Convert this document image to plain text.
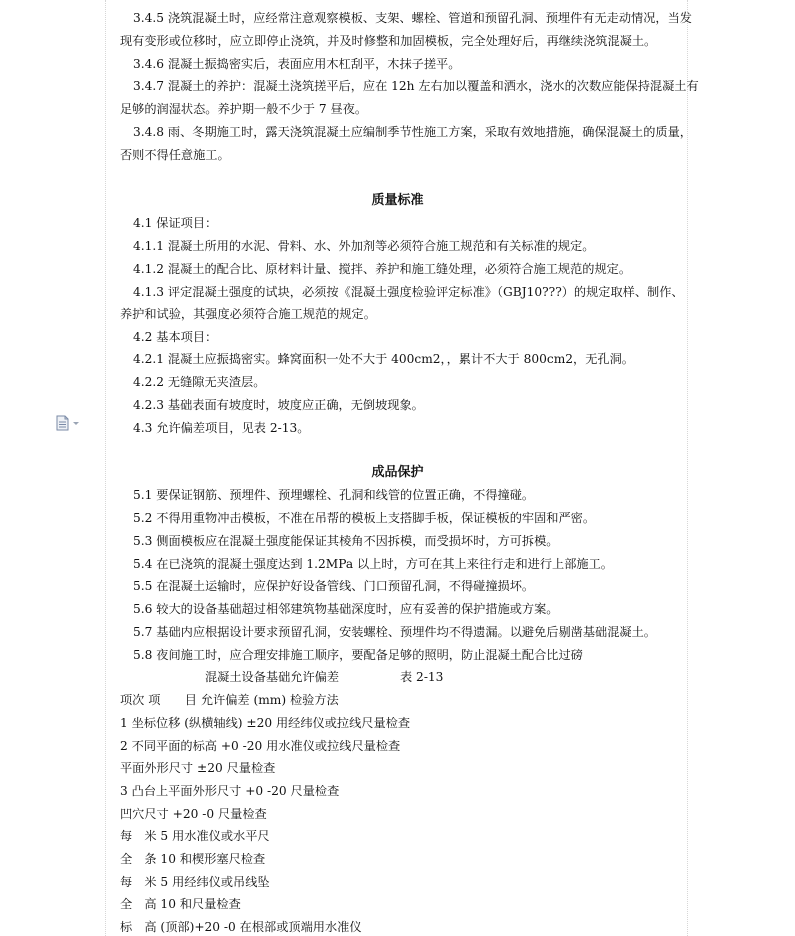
3.4.5 浇筑混凝土时，应经常注意观察模板、支架、螺栓、管道和预留孔洞、预埋件有无走动情况，当发
现有变形或位移时，应立即停止浇筑，并及时修整和加固模板，完全处理好后，再继续浇筑混凝土。
3.4.6 混凝土振捣密实后，表面应用木杠刮平，木抹子搓平。
3.4.7 混凝土的养护：混凝土浇筑搓平后，应在 12h 左右加以覆盖和洒水，浇水的次数应能保持混凝土有
足够的润湿状态。养护期一般不少于 7 昼夜。
3.4.8 雨、冬期施工时，露天浇筑混凝土应编制季节性施工方案，采取有效地措施，确保混凝土的质量，
否则不得任意施工。
质量标准
4.1 保证项目：
4.1.1 混凝土所用的水泥、骨料、水、外加剂等必须符合施工规范和有关标准的规定。
4.1.2 混凝土的配合比、原材料计量、搅拌、养护和施工缝处理，必须符合施工规范的规定。
4.1.3 评定混凝土强度的试块，必须按《混凝土强度检验评定标准》（GBJ10???）的规定取样、制作、
养护和试验，其强度必须符合施工规范的规定。
4.2 基本项目：
4.2.1 混凝土应振捣密实。蜂窝面积一处不大于 400cm2，，累计不大于 800cm2，无孔洞。
4.2.2 无缝隙无夹渣层。
4.2.3 基础表面有坡度时，坡度应正确，无倒坡现象。
4.3 允许偏差项目，见表 2-13。
成品保护
5.1 要保证钢筋、预埋件、预埋螺栓、孔洞和线管的位置正确，不得撞碰。
5.2 不得用重物冲击模板，不准在吊帮的模板上支搭脚手板，保证模板的牢固和严密。
5.3 侧面模板应在混凝土强度能保证其棱角不因拆模，而受损坏时，方可拆模。
5.4 在已浇筑的混凝土强度达到 1.2MPa 以上时，方可在其上来往行走和进行上部施工。
5.5 在混凝土运输时，应保护好设备管线、门口预留孔洞，不得碰撞损坏。
5.6 较大的设备基础超过相邻建筑物基础深度时，应有妥善的保护措施或方案。
5.7 基础内应根据设计要求预留孔洞，安装螺栓、预埋件均不得遗漏。以避免后剔凿基础混凝土。
5.8 夜间施工时，应合理安排施工顺序，要配备足够的照明，防止混凝土配合比过磅
混凝土设备基础允许偏差　　　　　表 2-13
项次 项　　目 允许偏差 (mm) 检验方法
1 坐标位移 (纵横轴线) ±20 用经纬仪或拉线尺量检查
2 不同平面的标高 +0 -20 用水准仪或拉线尺量检查
平面外形尺寸 ±20 尺量检查
3 凸台上平面外形尺寸 +0 -20 尺量检查
凹穴尺寸 +20 -0 尺量检查
每　米 5 用水准仪或水平尺
全　条 10 和楔形塞尺检查
每　米 5 用经纬仪或吊线坠
全　高 10 和尺量检查
标　高 (顶部)+20 -0 在根部或顶端用水准仪
